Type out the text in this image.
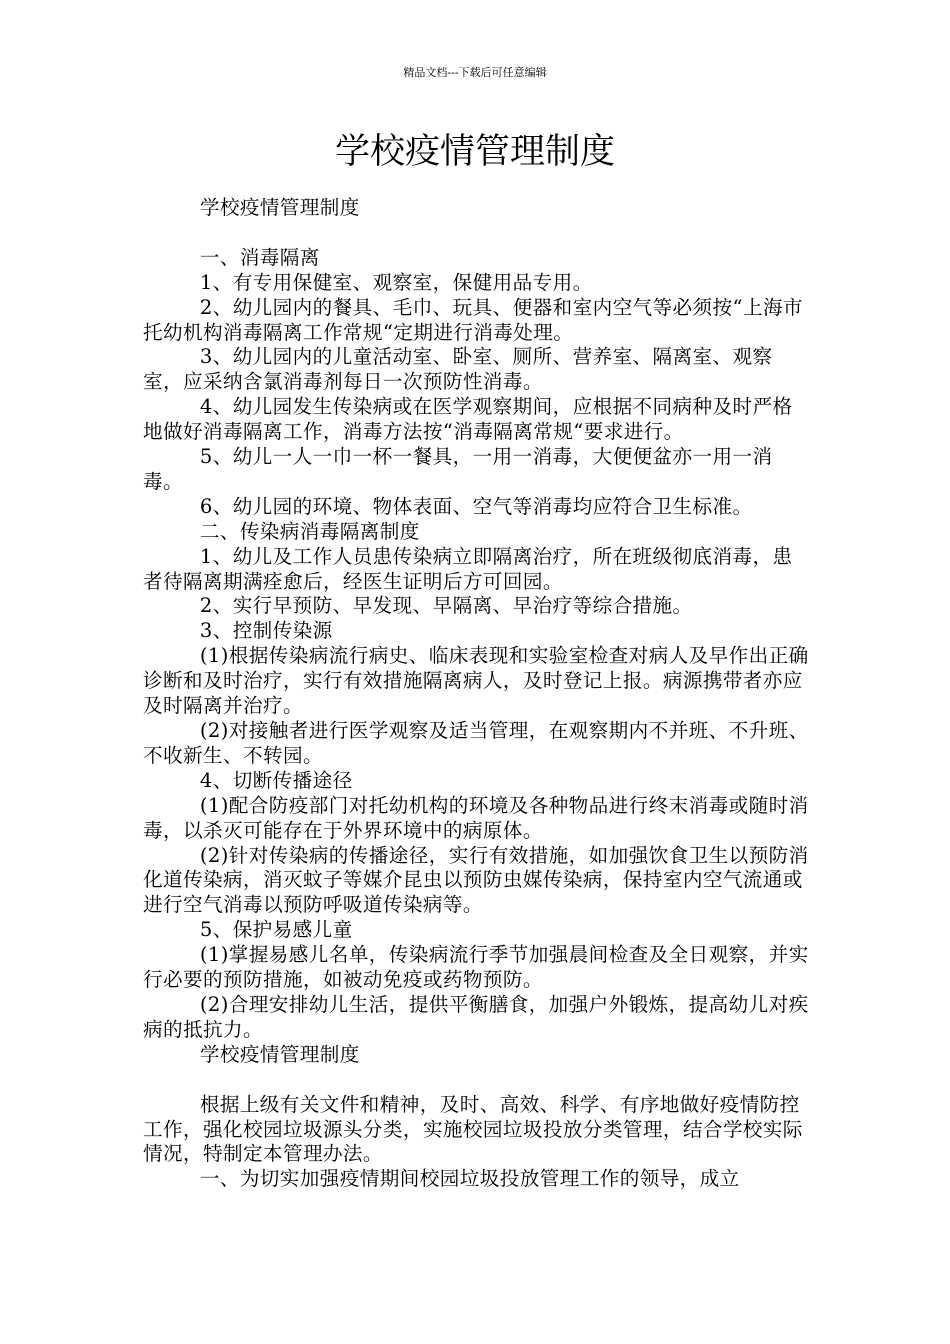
精品文档---下载后可任意编辑
学校疫情管理制度

学校疫情管理制度

一、消毒隔离

1、有专用保健室、观察室，保健用品专用。

2、幼儿园内的餐具、毛巾、玩具、便器和室内空气等必须按“上海市托幼机构消毒隔离工作常规“定期进行消毒处理。

3、幼儿园内的儿童活动室、卧室、厕所、营养室、隔离室、观察室，应采纳含氯消毒剂每日一次预防性消毒。

4、幼儿园发生传染病或在医学观察期间，应根据不同病种及时严格地做好消毒隔离工作，消毒方法按“消毒隔离常规“要求进行。

5、幼儿一人一巾一杯一餐具，一用一消毒，大便便盆亦一用一消毒。

6、幼儿园的环境、物体表面、空气等消毒均应符合卫生标准。

二、传染病消毒隔离制度

1、幼儿及工作人员患传染病立即隔离治疗，所在班级彻底消毒，患者待隔离期满痊愈后，经医生证明后方可回园。

2、实行早预防、早发现、早隔离、早治疗等综合措施。

3、控制传染源

(1)根据传染病流行病史、临床表现和实验室检查对病人及早作出正确诊断和及时治疗，实行有效措施隔离病人，及时登记上报。病源携带者亦应及时隔离并治疗。

(2)对接触者进行医学观察及适当管理，在观察期内不并班、不升班、不收新生、不转园。

4、切断传播途径

(1)配合防疫部门对托幼机构的环境及各种物品进行终末消毒或随时消毒，以杀灭可能存在于外界环境中的病原体。

(2)针对传染病的传播途径，实行有效措施，如加强饮食卫生以预防消化道传染病，消灭蚊子等媒介昆虫以预防虫媒传染病，保持室内空气流通或进行空气消毒以预防呼吸道传染病等。

5、保护易感儿童

(1)掌握易感儿名单，传染病流行季节加强晨间检查及全日观察，并实行必要的预防措施，如被动免疫或药物预防。

(2)合理安排幼儿生活，提供平衡膳食，加强户外锻炼，提高幼儿对疾病的抵抗力。

学校疫情管理制度

根据上级有关文件和精神，及时、高效、科学、有序地做好疫情防控工作，强化校园垃圾源头分类，实施校园垃圾投放分类管理，结合学校实际情况，特制定本管理办法。

一、为切实加强疫情期间校园垃圾投放管理工作的领导，成立
